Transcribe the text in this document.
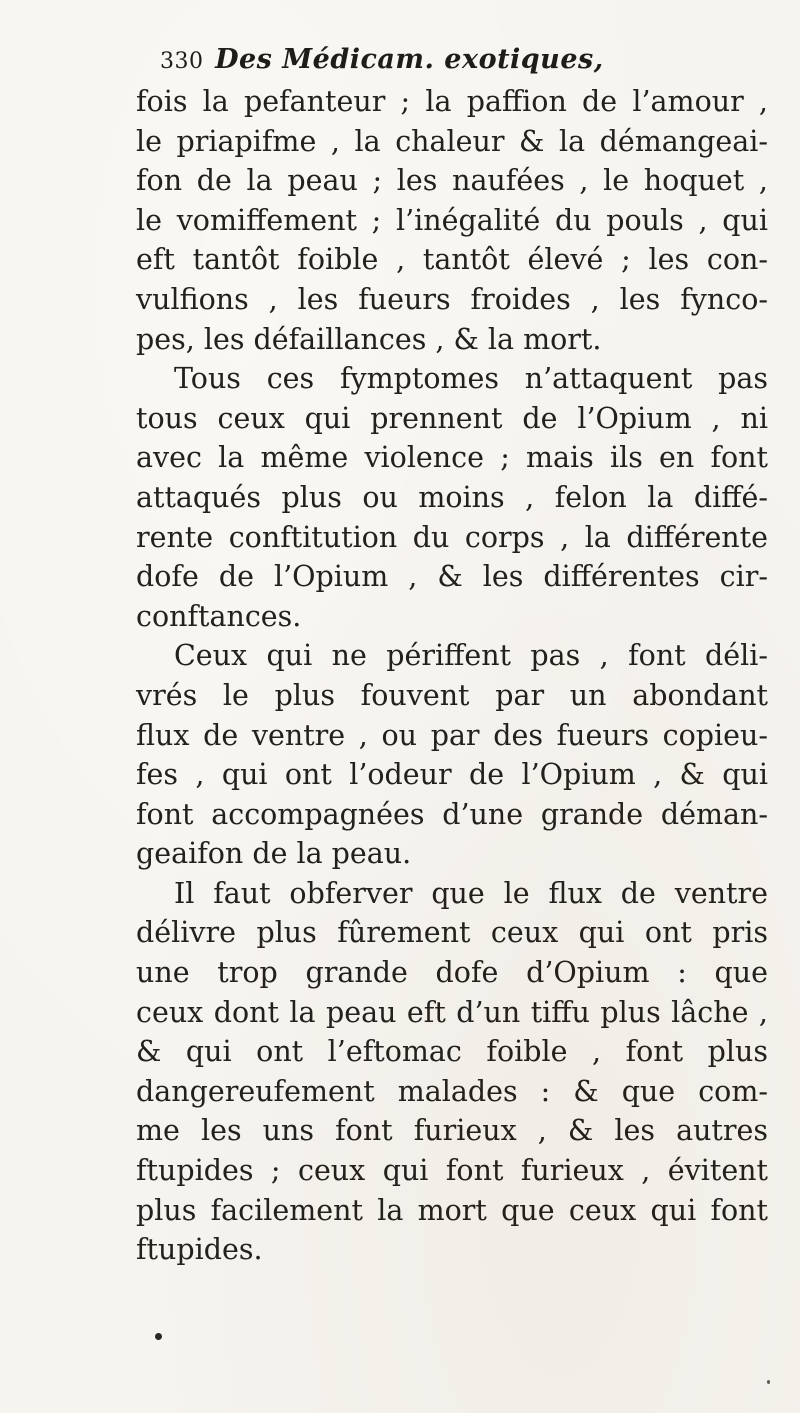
330 Des Médicam. exotiques,
fois la pefanteur ; la paffion de l’amour ,
le priapifme , la chaleur & la démangeai-
fon de la peau ; les naufées , le hoquet ,
le vomiffement ; l’inégalité du pouls , qui
eft tantôt foible , tantôt élevé ; les con-
vulfions , les fueurs froides , les fynco-
pes, les défaillances , & la mort.
Tous ces fymptomes n’attaquent pas
tous ceux qui prennent de l’Opium , ni
avec la même violence ; mais ils en font
attaqués plus ou moins , felon la diffé-
rente conftitution du corps , la différente
dofe de l’Opium , & les différentes cir-
conftances.
Ceux qui ne périffent pas , font déli-
vrés le plus fouvent par un abondant
flux de ventre , ou par des fueurs copieu-
fes , qui ont l’odeur de l’Opium , & qui
font accompagnées d’une grande déman-
geaifon de la peau.
Il faut obferver que le flux de ventre
délivre plus fûrement ceux qui ont pris
une trop grande dofe d’Opium : que
ceux dont la peau eft d’un tiffu plus lâche ,
& qui ont l’eftomac foible , font plus
dangereufement malades : & que com-
me les uns font furieux , & les autres
ftupides ; ceux qui font furieux , évitent
plus facilement la mort que ceux qui font
ftupides.
